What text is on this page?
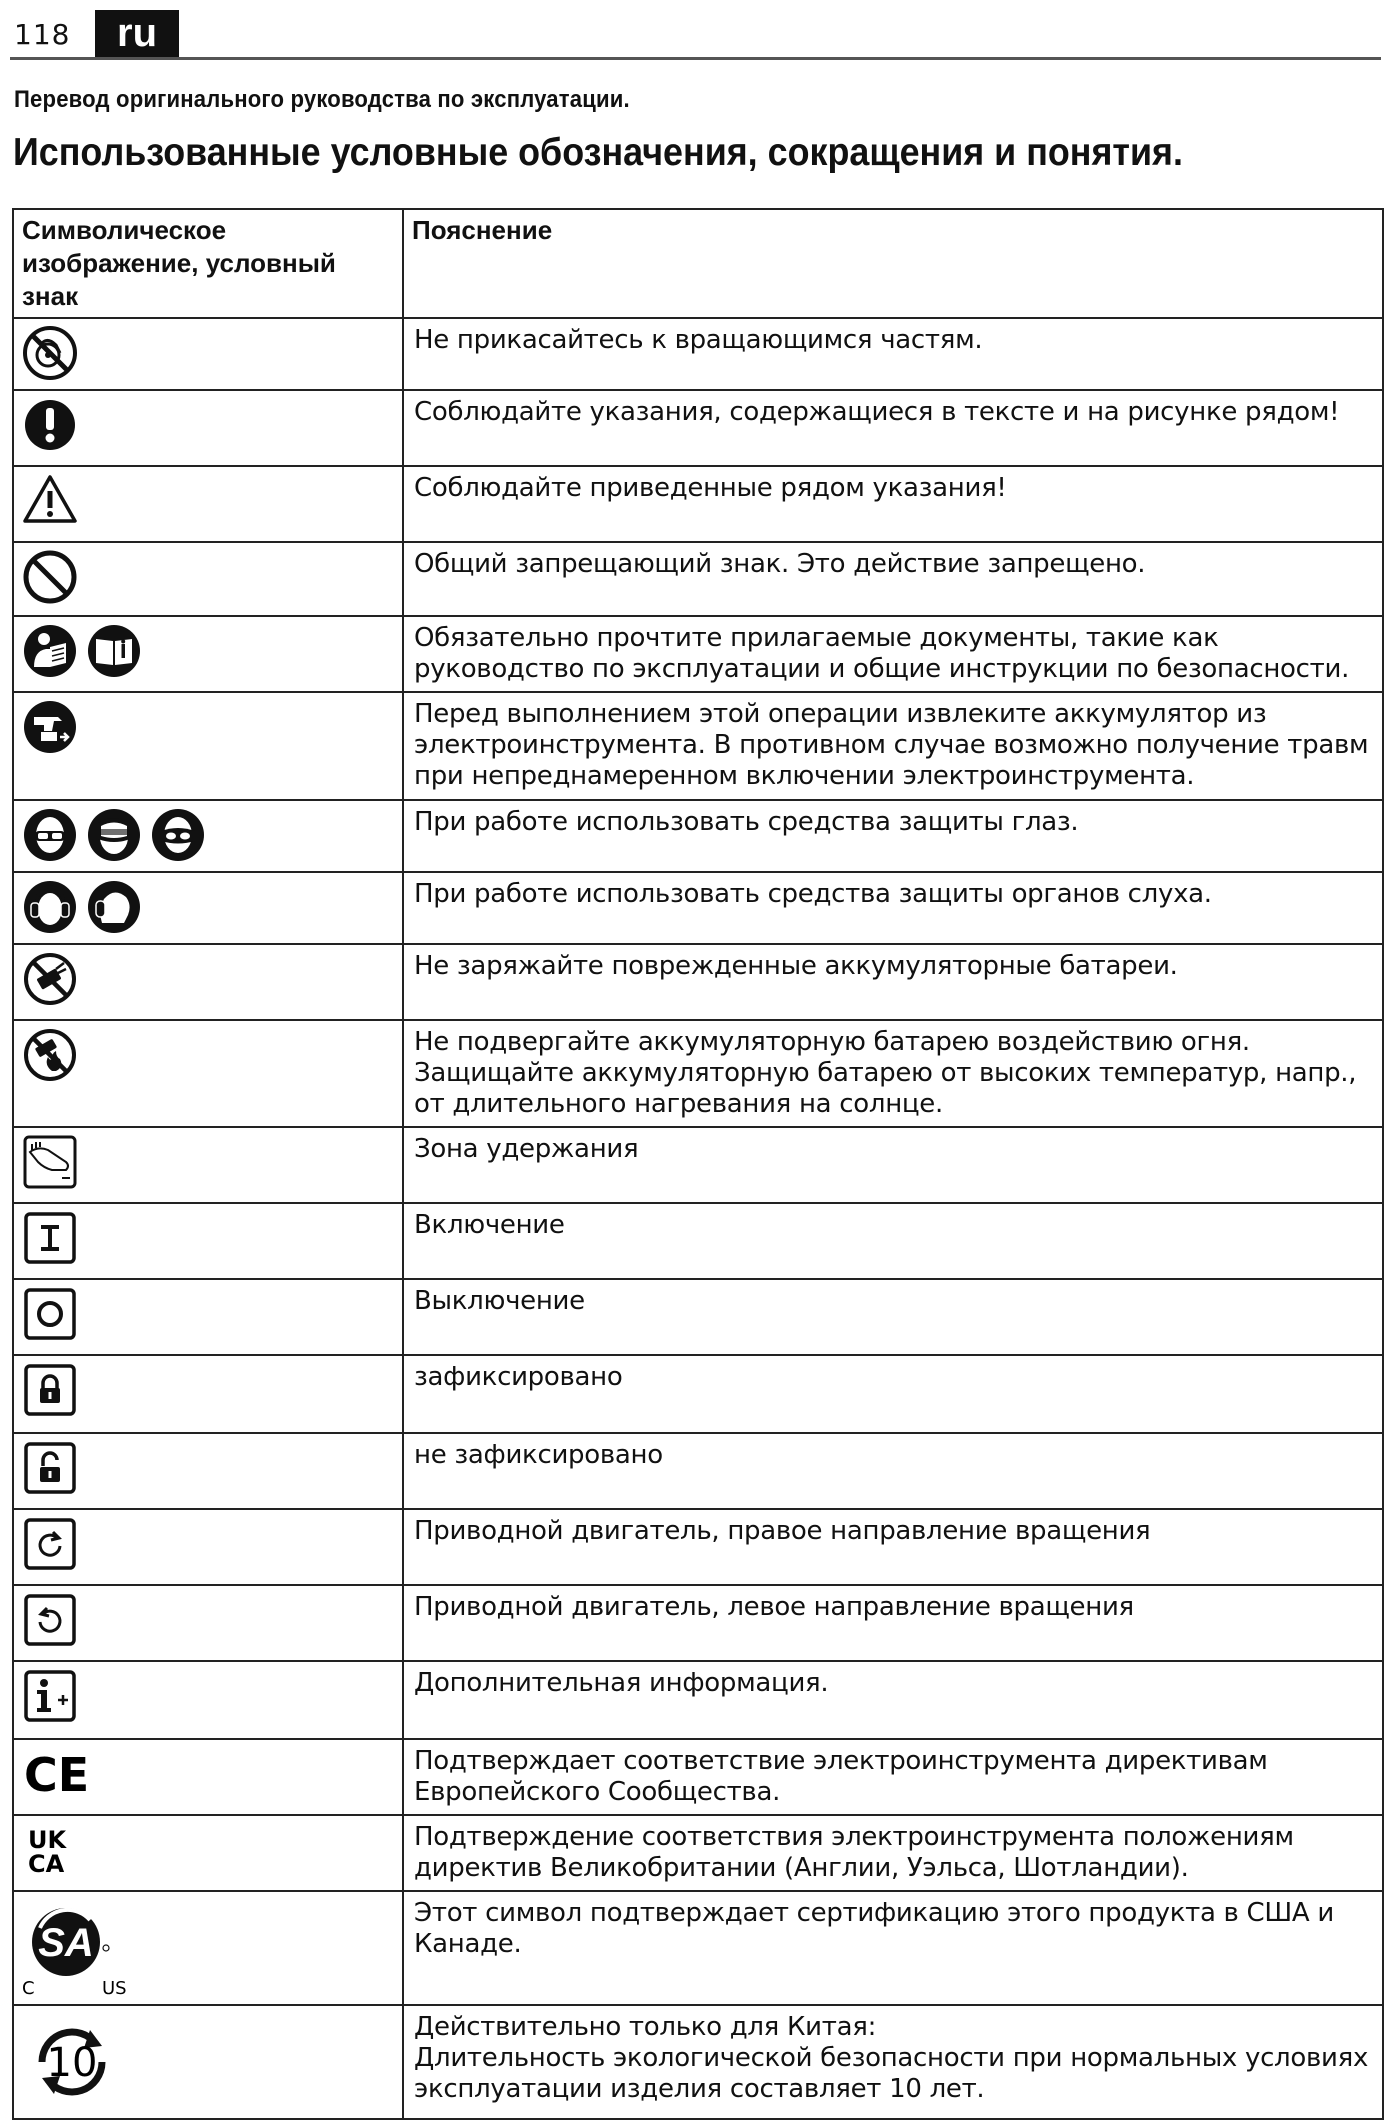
118	ru
Перевод оригинального руководства по эксплуатации.
Использованные условные обозначения, сокращения и понятия.
Символическое изображение, условный знак	Пояснение

	Не прикасайтесь к вращающимся частям.

	Соблюдайте указания, содержащиеся в тексте и на рисунке рядом!

	Соблюдайте приведенные рядом указания!

	Общий запрещающий знак. Это действие запрещено.

	Обязательно прочтите прилагаемые документы, такие как руководство по эксплуатации и общие инструкции по безопасности.

	Перед выполнением этой операции извлеките аккумулятор из электроинструмента. В противном случае возможно получение травм при непреднамеренном включении электроинструмента.

	При работе использовать средства защиты глаз.

	При работе использовать средства защиты органов слуха.

	Не заряжайте поврежденные аккумуляторные батареи.

	Не подвергайте аккумуляторную батарею воздействию огня. Защищайте аккумуляторную батарею от высоких температур, напр., от длительного нагревания на солнце.

	Зона удержания

	Включение

	Выключение

	зафиксировано

	не зафиксировано

	Приводной двигатель, правое направление вращения

	Приводной двигатель, левое направление вращения

	Дополнительная информация.

CE	Подтверждает соответствие электроинструмента директивам Европейского Сообщества.

UK
CA	Подтверждение соответствия электроинструмента положениям директив Великобритании (Англии, Уэльса, Шотландии).

SA
C US	Этот символ подтверждает сертификацию этого продукта в США и Канаде.

10	Действительно только для Китая:
Длительность экологической безопасности при нормальных условиях эксплуатации изделия составляет 10 лет.
